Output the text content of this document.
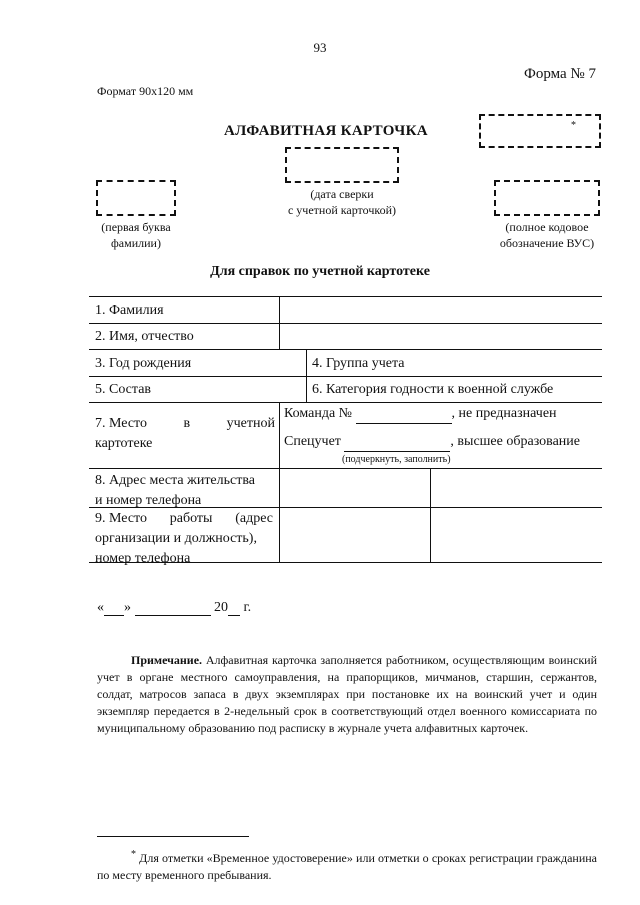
93
Форма № 7
Формат 90х120 мм
АЛФАВИТНАЯ КАРТОЧКА	*
(дата сверки
с учетной карточкой)
(первая буква
фамилии)
(полное кодовое
обозначение ВУС)
Для справок по учетной картотеке
1. Фамилия
2. Имя, отчество
3. Год рождения	4. Группа учета
5. Состав	6. Категория годности к военной службе
7. Место	в	учетной
картотеке
Команда №	, не предназначен
Спецучет	, высшее образование
(подчеркнуть, заполнить)
8. Адрес места жительства
и номер телефона
9. Место работы (адрес
организации и должность),
номер телефона
« »	20 г.
Примечание. Алфавитная карточка заполняется работником, осуществляющим воинский учет в органе местного самоуправления, на прапорщиков, мичманов, старшин, сержантов, солдат, матросов запаса в двух экземплярах при постановке их на воинский учет и один экземпляр передается в 2-недельный срок в соответствующий отдел военного комиссариата по муниципальному образованию под расписку в журнале учета алфавитных карточек.
* Для отметки «Временное удостоверение» или отметки о сроках регистрации гражданина по месту временного пребывания.
